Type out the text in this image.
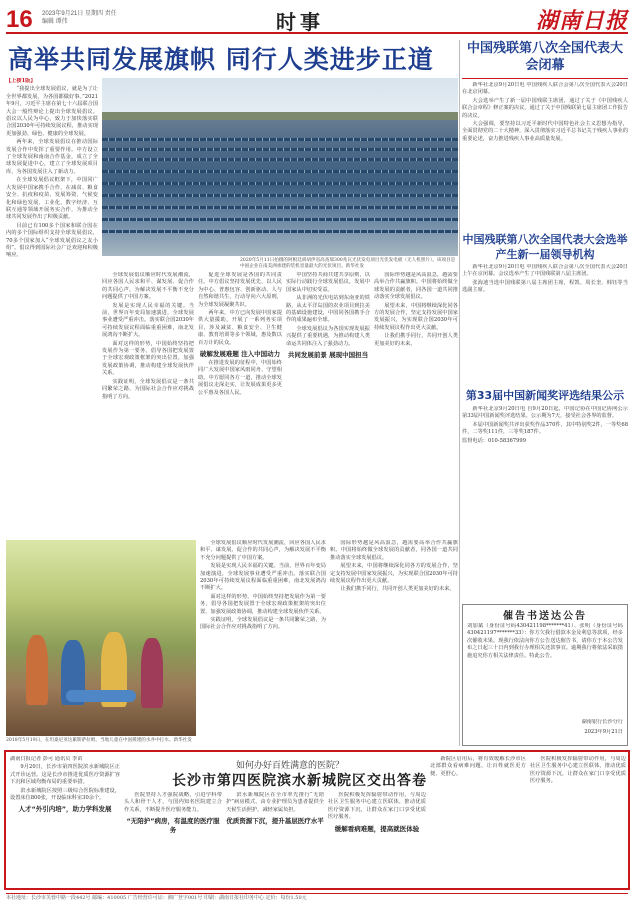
16 2023年9月21日 星期四 责任编辑 谭伟	时事	湖南日报
高举共同发展旗帜 同行人类进步正道

【上接1版】

“我提出全球发展倡议，就是为了让全世界都发展，为各国都做好事。”2021年9月，习近平主席在第七十六届联合国大会一般性辩论上提出全球发展倡议。倡议以人民为中心，致力于加快落实联合国2030年可持续发展议程，推动实现更加强劲、绿色、健康的全球发展。

两年来，全球发展倡议在推动国际发展合作中发挥了重要作用。中方设立了全球发展和南南合作基金，成立了全球发展促进中心，建立了全球发展项目库，为各国发展注入了新动力。

在全球发展倡议框架下，中国同广大发展中国家携手合作，在减贫、粮食安全、抗疫和疫苗、发展筹资、气候变化和绿色发展、工业化、数字经济、互联互通等领域开展务实合作，为推动全球共同发展作出了积极贡献。

目前已有100多个国家和联合国在内的多个国际组织支持全球发展倡议，70多个国家加入“全球发展倡议之友小组”。倡议得到国际社会广泛欢迎和积极响应。

2020年5月11日拍摄的阿根廷胡胡伊省高查瑞300兆瓦光伏发电项目光伏发电板（无人机照片）。该项目是中国企业在南美洲承建的装机容量最大的光伏项目。新华社发

全球发展倡议顺应时代发展潮流，回应各国人民求和平、谋发展、促合作的共同心声，为解决发展不平衡不充分问题提供了中国方案。

发展是实现人民幸福的关键。当前，世界百年变局加速演进，全球发展事业遭受严重冲击。落实联合国2030年可持续发展议程面临重重困难，南北发展鸿沟不断扩大。

面对这样的形势，中国始终坚持把发展作为第一要务，倡导各国把发展置于全球宏观政策框架的突出位置，加强发展政策协调，推动构建全球发展伙伴关系。

实践证明，全球发展倡议是一条共同繁荣之路，为国际社会合作应对挑战指明了方向。

促进全球发展是各国的共同责任。中方倡议坚持发展优先、以人民为中心、普惠包容、创新驱动、人与自然和谐共生、行动导向六大原则，为全球发展凝聚共识。

两年来，中方已向发展中国家提供大量援助，开展了一系列务实项目，涉及减贫、粮食安全、卫生健康、教育培训等多个领域，惠及数以百万计的民众。

破解发展难题 注入中国动力

在推进发展的征程中，中国始终同广大发展中国家风雨同舟、守望相助。中方愿同各方一道，推动全球发展倡议走深走实，让发展成果更多更公平惠及各国人民。

中国坚持共商共建共享原则，以实际行动践行全球发展倡议，发展中国家从中切实受益。

从非洲的光伏电站到东南亚的铁路，从太平洋岛国的农业项目到拉美的基础设施建设，中国同各国携手合作的成果遍布全球。

全球发展倡议为各国实现发展振兴提供了重要机遇，为推动构建人类命运共同体注入了强劲动力。

共同发展前景 展现中国担当

国际形势越是风高浪急，越需要高举合作共赢旗帜。中国将始终做全球发展的贡献者，同各国一道共同推动落实全球发展倡议。

展望未来，中国将继续深化同各方的发展合作，坚定支持发展中国家发展振兴，为实现联合国2030年可持续发展议程作出更大贡献。

让我们携手同行，共同开创人类更加美好的未来。

2018年5月19日，在坦桑尼亚达累斯萨拉姆，当地儿童在中国援建的水井中打水。新华社发

全球发展倡议顺应时代发展潮流，回应各国人民求和平、谋发展、促合作的共同心声，为解决发展不平衡不充分问题提供了中国方案。

发展是实现人民幸福的关键。当前，世界百年变局加速演进，全球发展事业遭受严重冲击。落实联合国2030年可持续发展议程面临重重困难，南北发展鸿沟不断扩大。

面对这样的形势，中国始终坚持把发展作为第一要务，倡导各国把发展置于全球宏观政策框架的突出位置，加强发展政策协调，推动构建全球发展伙伴关系。

实践证明，全球发展倡议是一条共同繁荣之路，为国际社会合作应对挑战指明了方向。

国际形势越是风高浪急，越需要高举合作共赢旗帜。中国将始终做全球发展的贡献者，同各国一道共同推动落实全球发展倡议。

展望未来，中国将继续深化同各方的发展合作，坚定支持发展中国家发展振兴，为实现联合国2030年可持续发展议程作出更大贡献。

让我们携手同行，共同开创人类更加美好的未来。

中国残联第八次全国代表大会闭幕

新华社北京9月20日电 中国残疾人联合会第八次全国代表大会20日在北京闭幕。

大会选举产生了新一届中国残联主席团，通过了关于《中国残疾人联合会章程》修正案的决议，通过了关于中国残联第七届主席团工作报告的决议。

大会强调，要坚持以习近平新时代中国特色社会主义思想为指导，全面贯彻党的二十大精神，深入贯彻落实习近平总书记关于残疾人事业的重要论述，奋力推进残疾人事业高质量发展。

中国残联第八次全国代表大会选举产生新一届领导机构

新华社北京9月20日电 中国残疾人联合会第八次全国代表大会20日上午在京闭幕。会议选举产生了中国残联第八届主席团。

张海迪当选中国残联第八届主席团主席，程凯、周长奎、韩钰等当选副主席。

第33届中国新闻奖评选结果公示

新华社北京9月20日电 自9月20日起，中国记协在中国记协网公示第33届中国新闻奖评选结果。公示期为7天，接受社会各界的监督。

本届中国新闻奖共评出获奖作品370件，其中特别奖2件，一等奖68件，二等奖111件，三等奖187件。

监督电话：010-58367999

催告书送达公告
刘加斌（身份证号码430421198*******41）、张明（身份证号码430421197*******33）：你方欠我行借款本金及利息等款项，经多次催收未果。现我行依法向你方公告送达催告书，请你方于本公告发布之日起三十日内到我行办理相关还款事宜。逾期我行将依法采取措施追究你方相关法律责任。特此公告。
湖南银行长沙分行
2023年9月21日
如何办好百姓满意的医院？
长沙市第四医院滨水新城院区交出答卷

湖南日报记者 彭可 通讯员 李苗

9月20日，长沙市第四医院滨水新城院区正式开诊运营。这是长沙市推进优质医疗资源扩容下沉和区域均衡布局的重要举措。

滨水新城院区按照三级综合医院标准建设，设置床位800张，开设临床科室30余个。

人才“外引内培”，助力学科发展

医院坚持人才强院战略，引进学科带头人和骨干人才，与国内知名医院建立合作关系，不断提升医疗服务能力。

“无陪护”病房，有温度的医疗服务

滨水新城院区在全市率先推行“无陪护”病房模式，由专业护理员为患者提供全天候生活照护，减轻家属负担。

优质资源下沉，提升基层医疗水平

医院积极发挥辐射带动作用，与周边社区卫生服务中心建立医联体，推动优质医疗资源下沉，让群众在家门口享受优质医疗服务。

缓解看病难题，提高就医体验

新院区启用后，将有效缓解长沙市区北部群众看病难问题，让百姓就医更方便、更舒心。

医院积极发挥辐射带动作用，与周边社区卫生服务中心建立医联体，推动优质医疗资源下沉，让群众在家门口享受优质医疗服务。

本社地址：长沙市芙蓉中路一段442号 邮编：410005 广告经营许可证：湘广登字001号 印刷：湖南日报社印务中心 定价：每份1.50元
